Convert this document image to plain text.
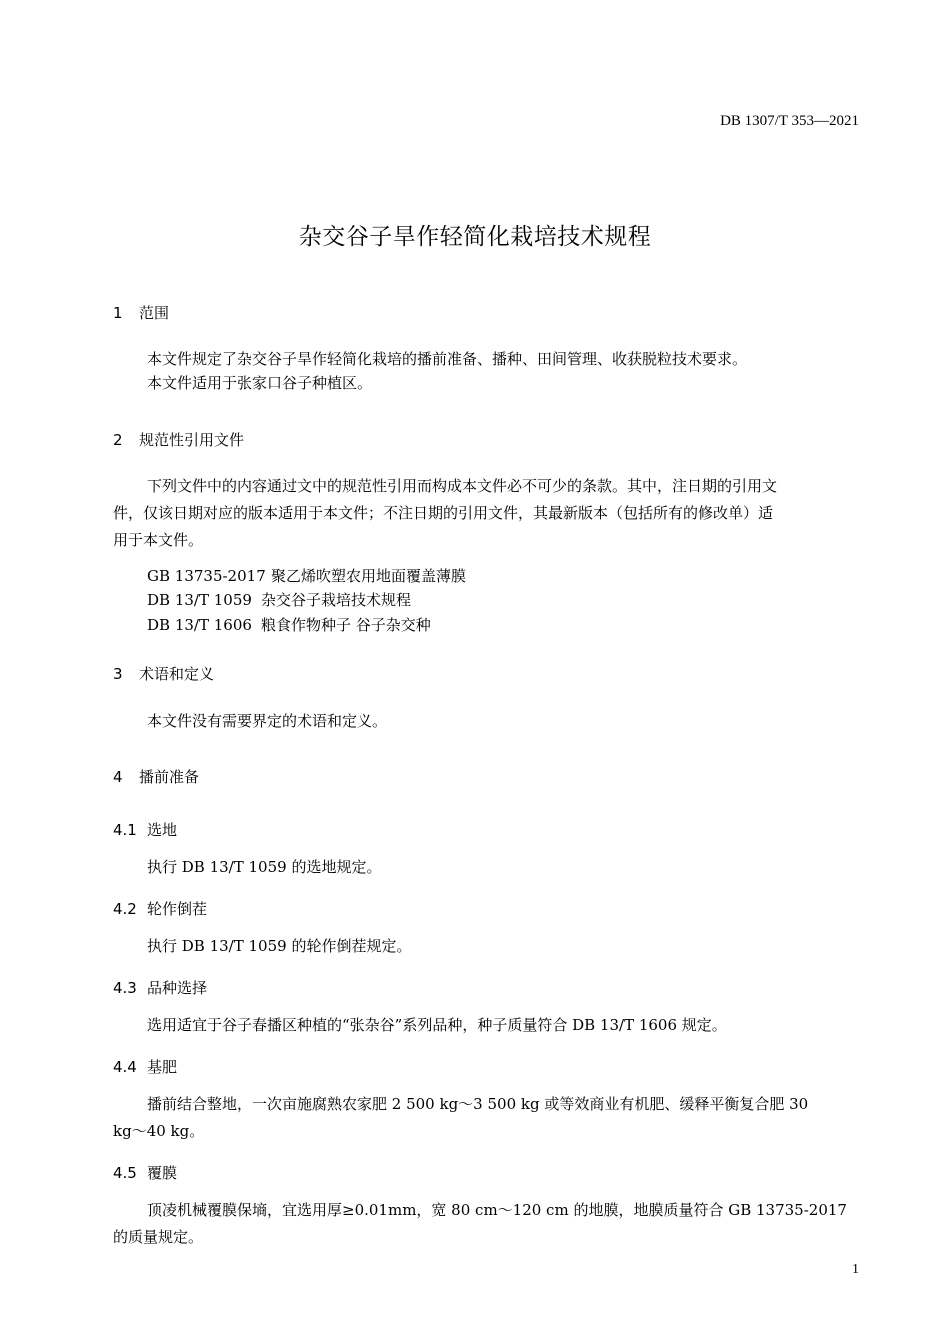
DB 1307/T 353—2021
杂交谷子旱作轻简化栽培技术规程
1 范围
本文件规定了杂交谷子旱作轻简化栽培的播前准备、播种、田间管理、收获脱粒技术要求。
本文件适用于张家口谷子种植区。
2 规范性引用文件
下列文件中的内容通过文中的规范性引用而构成本文件必不可少的条款。其中，注日期的引用文
件，仅该日期对应的版本适用于本文件；不注日期的引用文件，其最新版本（包括所有的修改单）适
用于本文件。
GB 13735-2017 聚乙烯吹塑农用地面覆盖薄膜
DB 13/T 1059 杂交谷子栽培技术规程
DB 13/T 1606 粮食作物种子 谷子杂交种
3 术语和定义
本文件没有需要界定的术语和定义。
4 播前准备
4.1 选地
执行 DB 13/T 1059 的选地规定。
4.2 轮作倒茬
执行 DB 13/T 1059 的轮作倒茬规定。
4.3 品种选择
选用适宜于谷子春播区种植的“张杂谷”系列品种，种子质量符合 DB 13/T 1606 规定。
4.4 基肥
播前结合整地，一次亩施腐熟农家肥 2 500 kg～3 500 kg 或等效商业有机肥、缓释平衡复合肥 30
kg～40 kg。
4.5 覆膜
顶凌机械覆膜保墒，宜选用厚≥0.01mm，宽 80 cm～120 cm 的地膜，地膜质量符合 GB 13735-2017
的质量规定。
1
